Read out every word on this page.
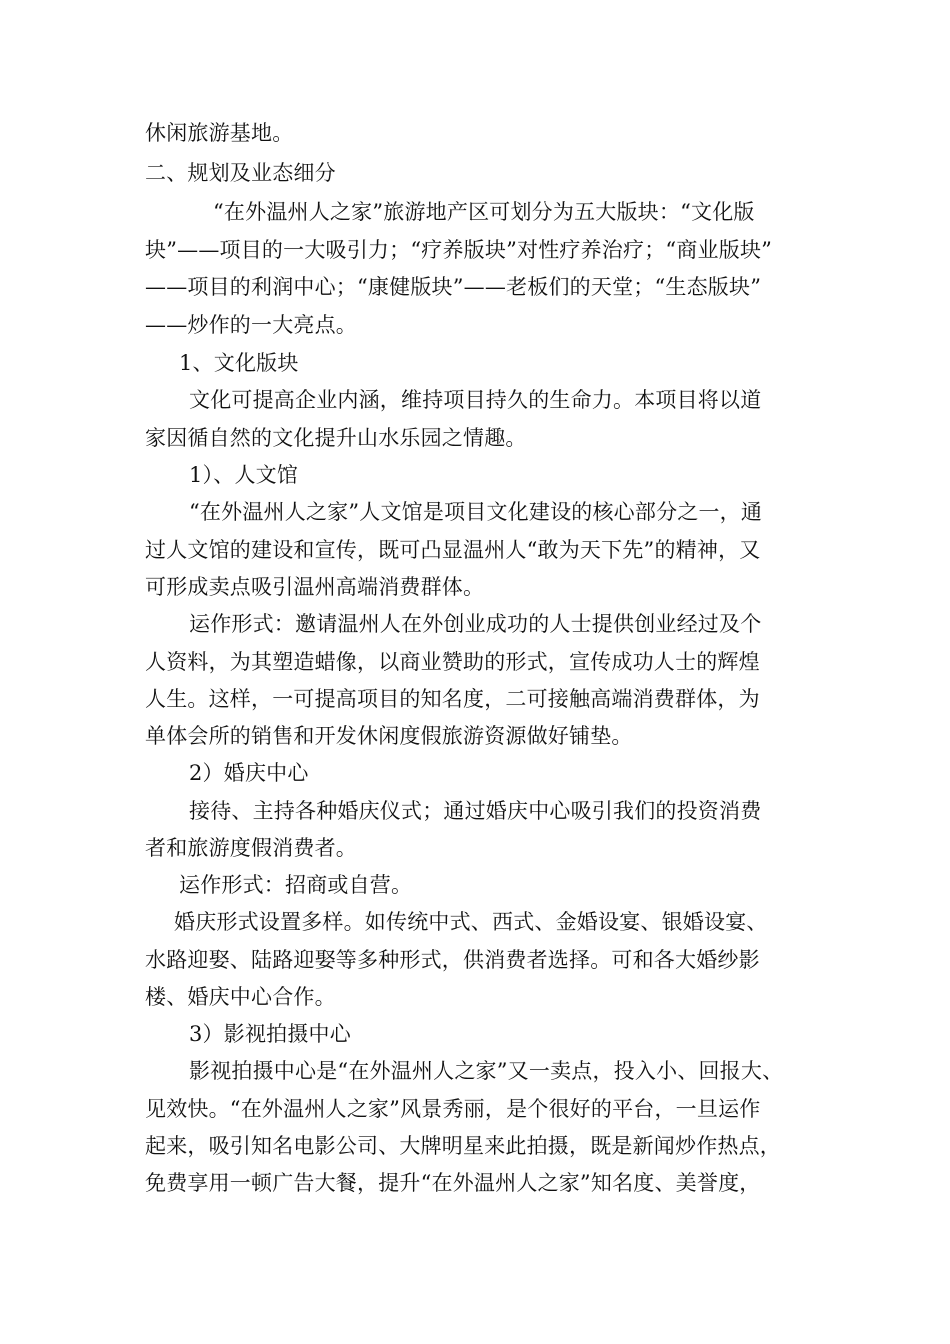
休闲旅游基地。
二、规划及业态细分
“在外温州人之家”旅游地产区可划分为五大版块：“文化版
块”——项目的一大吸引力；“疗养版块”对性疗养治疗；“商业版块”
——项目的利润中心；“康健版块”——老板们的天堂；“生态版块”
——炒作的一大亮点。
1、文化版块
文化可提高企业内涵，维持项目持久的生命力。本项目将以道
家因循自然的文化提升山水乐园之情趣。
1）、人文馆
“在外温州人之家”人文馆是项目文化建设的核心部分之一，通
过人文馆的建设和宣传，既可凸显温州人“敢为天下先”的精神，又
可形成卖点吸引温州高端消费群体。
运作形式：邀请温州人在外创业成功的人士提供创业经过及个
人资料，为其塑造蜡像，以商业赞助的形式，宣传成功人士的辉煌
人生。这样，一可提高项目的知名度，二可接触高端消费群体，为
单体会所的销售和开发休闲度假旅游资源做好铺垫。
2）婚庆中心
接待、主持各种婚庆仪式；通过婚庆中心吸引我们的投资消费
者和旅游度假消费者。
运作形式：招商或自营。
婚庆形式设置多样。如传统中式、西式、金婚设宴、银婚设宴、
水路迎娶、陆路迎娶等多种形式，供消费者选择。可和各大婚纱影
楼、婚庆中心合作。
3）影视拍摄中心
影视拍摄中心是“在外温州人之家”又一卖点，投入小、回报大、
见效快。“在外温州人之家”风景秀丽，是个很好的平台，一旦运作
起来，吸引知名电影公司、大牌明星来此拍摄，既是新闻炒作热点，
免费享用一顿广告大餐，提升“在外温州人之家”知名度、美誉度，
